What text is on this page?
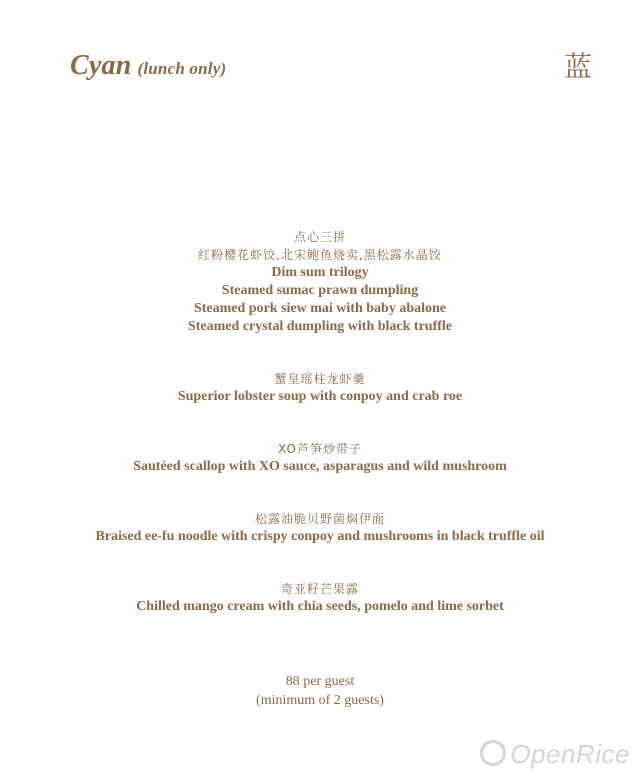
Cyan (lunch only)	蓝
点心三拼
红粉樱花虾饺,北宋鲍鱼烧卖,黑松露水晶饺
Dim sum trilogy
Steamed sumac prawn dumpling
Steamed pork siew mai with baby abalone
Steamed crystal dumpling with black truffle
蟹皇瑶柱龙虾羹
Superior lobster soup with conpoy and crab roe
XO芦笋炒带子
Sautéed scallop with XO sauce, asparagus and wild mushroom
松露油脆贝野菌焖伊面
Braised ee-fu noodle with crispy conpoy and mushrooms in black truffle oil
奇亚籽芒果露
Chilled mango cream with chia seeds, pomelo and lime sorbet
88 per guest
(minimum of 2 guests)
OpenRice
